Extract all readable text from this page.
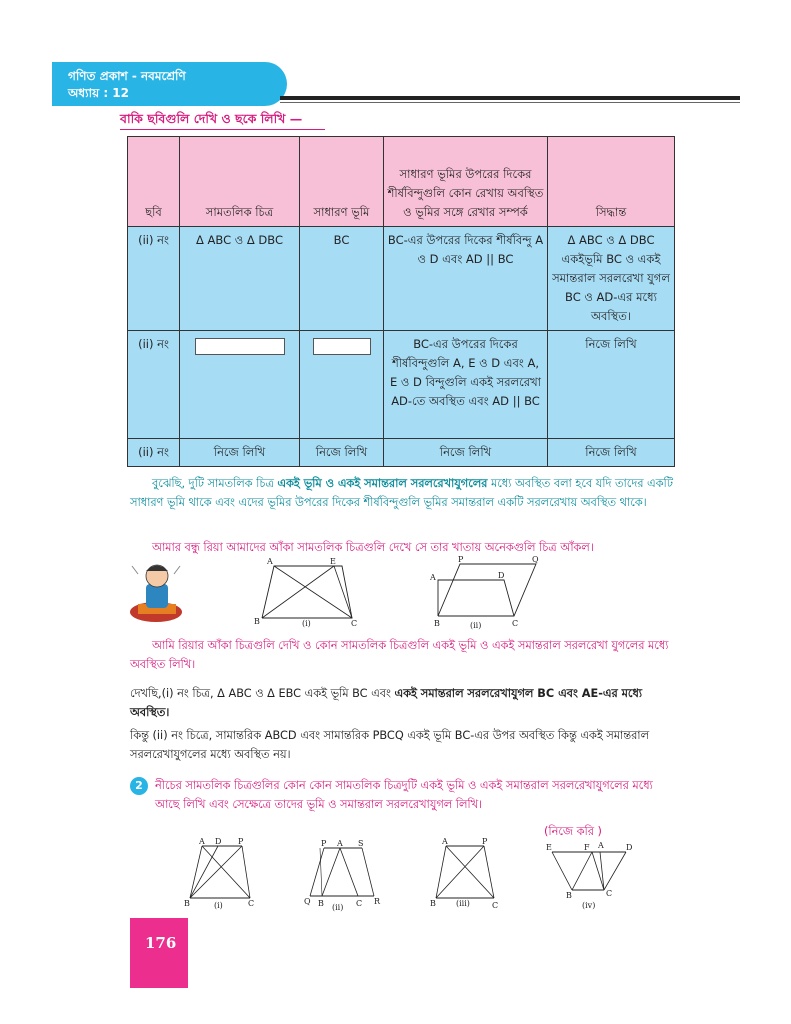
গণিত প্রকাশ - নবমশ্রেণি
অধ্যায় : 12
বাকি ছবিগুলি দেখি ও ছকে লিখি —
ছবি	সামতলিক চিত্র	সাধারণ ভূমি	সাধারণ ভূমির উপরের দিকের শীর্ষবিন্দুগুলি কোন রেখায় অবস্থিত ও ভূমির সঙ্গে রেখার সম্পর্ক	সিদ্ধান্ত
(ii) নং	Δ ABC ও Δ DBC	BC	BC-এর উপরের দিকের শীর্ষবিন্দু A ও D এবং AD || BC	Δ ABC ও Δ DBC একইভূমি BC ও একই সমান্তরাল সরলরেখা যুগল BC ও AD-এর মধ্যে অবস্থিত।
(ii) নং			BC-এর উপরের দিকের শীর্ষবিন্দুগুলি A, E ও D এবং A, E ও D বিন্দুগুলি একই সরলরেখা AD-তে অবস্থিত এবং AD || BC	নিজে লিখি
(ii) নং	নিজে লিখি	নিজে লিখি	নিজে লিখি	নিজে লিখি
বুঝেছি, দুটি সামতলিক চিত্র একই ভূমি ও একই সমান্তরাল সরলরেখাযুগলের মধ্যে অবস্থিত বলা হবে যদি তাদের একটি সাধারণ ভূমি থাকে এবং এদের ভূমির উপরের দিকের শীর্ষবিন্দুগুলি ভূমির সমান্তরাল একটি সরলরেখায় অবস্থিত থাকে।
আমার বন্ধু রিয়া আমাদের আঁকা সামতলিক চিত্রগুলি দেখে সে তার খাতায় অনেকগুলি চিত্র আঁকল।
A	E
B	C
(i)
P	Q
A	D
B	C
(ii)
আমি রিয়ার আঁকা চিত্রগুলি দেখি ও কোন সামতলিক চিত্রগুলি একই ভূমি ও একই সমান্তরাল সরলরেখা যুগলের মধ্যে অবস্থিত লিখি।
দেখছি,(i) নং চিত্র, Δ ABC ও Δ EBC একই ভূমি BC এবং একই সমান্তরাল সরলরেখাযুগল BC এবং AE-এর মধ্যে অবস্থিত।
কিন্তু (ii) নং চিত্রে, সামান্তরিক ABCD এবং সামান্তরিক PBCQ একই ভূমি BC-এর উপর অবস্থিত কিন্তু একই সমান্তরাল সরলরেখাযুগলের মধ্যে অবস্থিত নয়।
2	নীচের সামতলিক চিত্রগুলির কোন কোন সামতলিক চিত্রদুটি একই ভূমি ও একই সমান্তরাল সরলরেখাযুগলের মধ্যে আছে লিখি এবং সেক্ষেত্রে তাদের ভূমি ও সমান্তরাল সরলরেখাযুগল লিখি।
(নিজে করি )
A D P
B	C
(i)
P A S
Q B	C R
(ii)
A	P
B	C
(iii)
E	F A	D
B	C
(iv)
176
